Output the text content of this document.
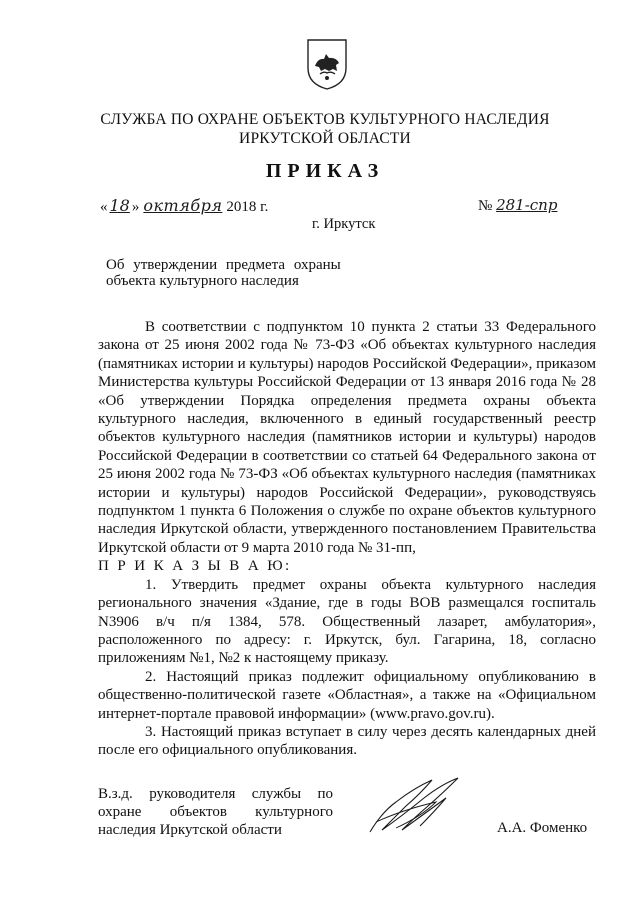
СЛУЖБА ПО ОХРАНЕ ОБЪЕКТОВ КУЛЬТУРНОГО НАСЛЕДИЯ ИРКУТСКОЙ ОБЛАСТИ
ПРИКАЗ
« 18 » октября 2018 г.	№ 281-спр
г. Иркутск
Об утверждении предмета охраны
объекта культурного наследия

В соответствии с подпунктом 10 пункта 2 статьи 33 Федерального закона от 25 июня 2002 года № 73-ФЗ «Об объектах культурного наследия (памятниках истории и культуры) народов Российской Федерации», приказом Министерства культуры Российской Федерации от 13 января 2016 года № 28 «Об утверждении Порядка определения предмета охраны объекта культурного наследия, включенного в единый государственный реестр объектов культурного наследия (памятников истории и культуры) народов Российской Федерации в соответствии со статьей 64 Федерального закона от 25 июня 2002 года № 73-ФЗ «Об объектах культурного наследия (памятниках истории и культуры) народов Российской Федерации», руководствуясь подпунктом 1 пункта 6 Положения о службе по охране объектов культурного наследия Иркутской области, утвержденного постановлением Правительства Иркутской области от 9 марта 2010 года № 31-пп,

П Р И К А З Ы В А Ю:

1. Утвердить предмет охраны объекта культурного наследия регионального значения «Здание, где в годы ВОВ размещался госпиталь N3906 в/ч п/я 1384, 578. Общественный лазарет, амбулатория», расположенного по адресу: г. Иркутск, бул. Гагарина, 18, согласно приложениям №1, №2 к настоящему приказу.

2. Настоящий приказ подлежит официальному опубликованию в общественно-политической газете «Областная», а также на «Официальном интернет-портале правовой информации» (www.pravo.gov.ru).

3. Настоящий приказ вступает в силу через десять календарных дней после его официального опубликования.

В.з.д. руководителя службы по
охране объектов культурного
наследия Иркутской области	А.А. Фоменко
